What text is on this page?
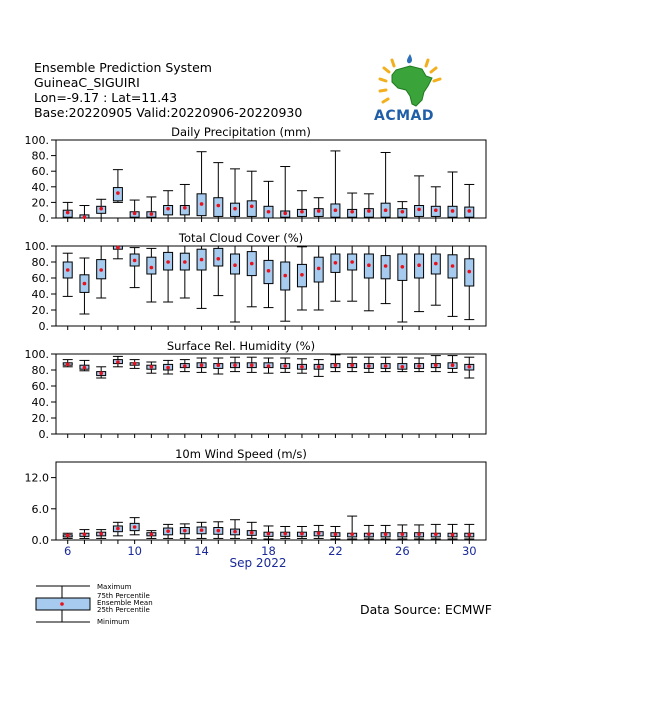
Ensemble Prediction System
GuineaC_SIGUIRI
Lon=-9.17 : Lat=11.43
Base:20220905 Valid:20220906-20220930	ACMAD
Daily Precipitation (mm)
0.
20.
40.
60.
80.
100.
Total Cloud Cover (%)
0.
20.
40.
60.
80.
100.
Surface Rel. Humidity (%)
0.
20.
40.
60.
80.
100.
10m Wind Speed (m/s)
0.0
6.0
12.0
6	10	14	18	22	26	30
Sep 2022
Maximum
75th Percentile
Ensemble Mean
25th Percentile
Minimum
Data Source: ECMWF
